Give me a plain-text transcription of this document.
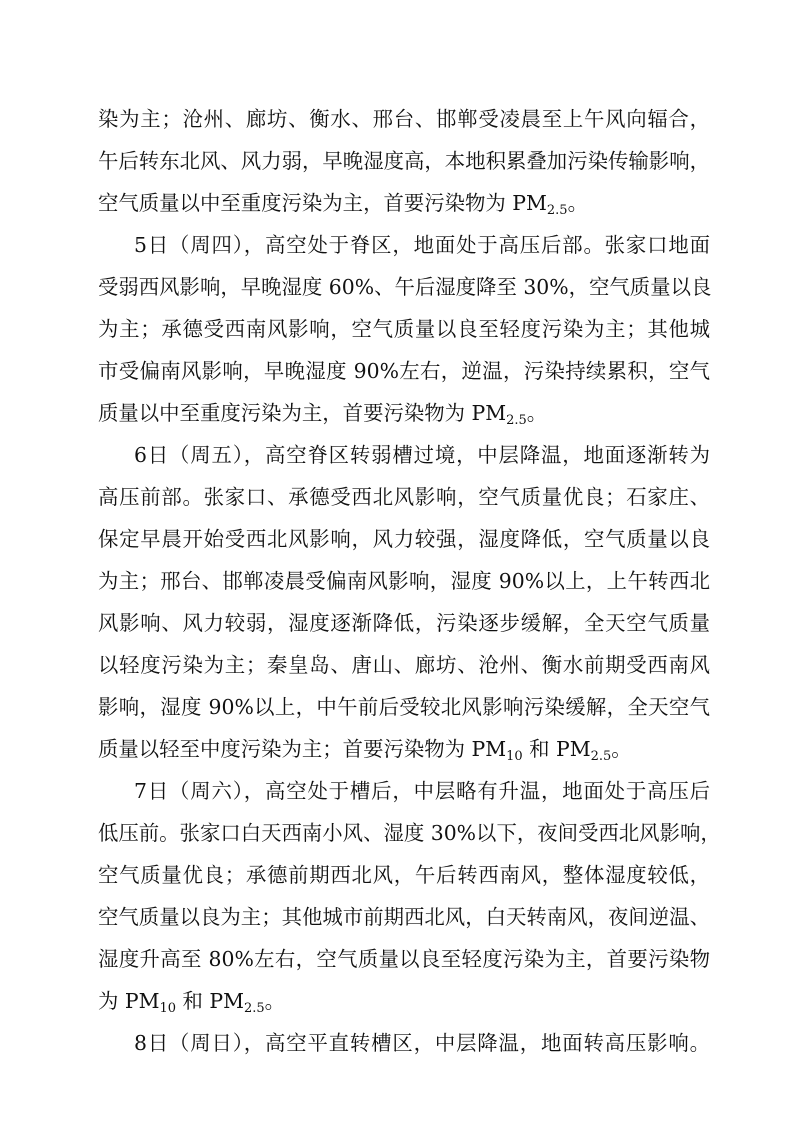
染为主；沧州、廊坊、衡水、邢台、邯郸受凌晨至上午风向辐合，
午后转东北风、风力弱，早晚湿度高，本地积累叠加污染传输影响，
空气质量以中至重度污染为主，首要污染物为 $PM_{2.5}$。
5日（周四），高空处于脊区，地面处于高压后部。张家口地面
受弱西风影响，早晚湿度 60%、午后湿度降至 30%，空气质量以良
为主；承德受西南风影响，空气质量以良至轻度污染为主；其他城
市受偏南风影响，早晚湿度 90%左右，逆温，污染持续累积，空气
质量以中至重度污染为主，首要污染物为 $PM_{2.5}$。
6日（周五），高空脊区转弱槽过境，中层降温，地面逐渐转为
高压前部。张家口、承德受西北风影响，空气质量优良；石家庄、
保定早晨开始受西北风影响，风力较强，湿度降低，空气质量以良
为主；邢台、邯郸凌晨受偏南风影响，湿度 90%以上，上午转西北
风影响、风力较弱，湿度逐渐降低，污染逐步缓解，全天空气质量
以轻度污染为主；秦皇岛、唐山、廊坊、沧州、衡水前期受西南风
影响，湿度 90%以上，中午前后受较北风影响污染缓解，全天空气
质量以轻至中度污染为主；首要污染物为 $PM_{10}$ 和 $PM_{2.5}$。
7日（周六），高空处于槽后，中层略有升温，地面处于高压后
低压前。张家口白天西南小风、湿度 30%以下，夜间受西北风影响，
空气质量优良；承德前期西北风，午后转西南风，整体湿度较低，
空气质量以良为主；其他城市前期西北风，白天转南风，夜间逆温、
湿度升高至 80%左右，空气质量以良至轻度污染为主，首要污染物
为 $PM_{10}$ 和 $PM_{2.5}$。
8日（周日），高空平直转槽区，中层降温，地面转高压影响。
